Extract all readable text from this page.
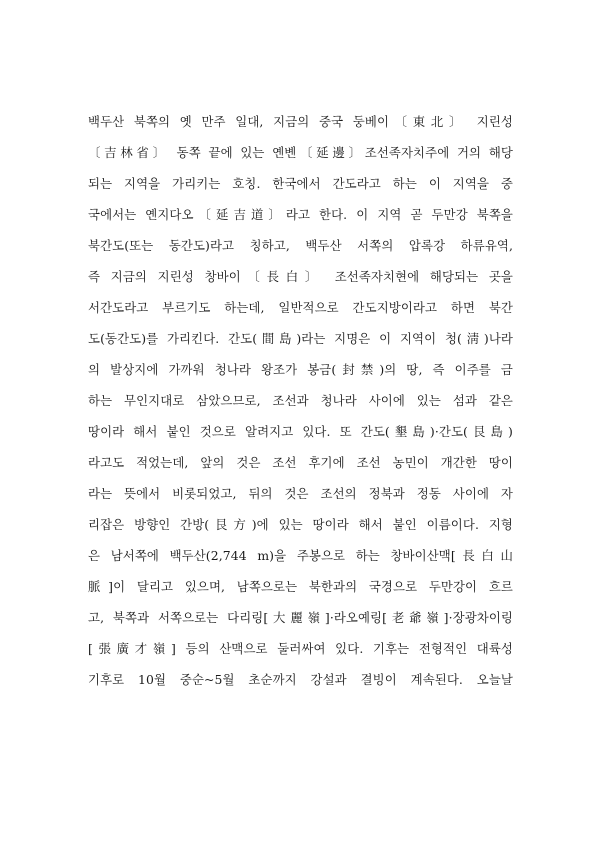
백두산 북쪽의 옛 만주 일대, 지금의 중국 둥베이〔東北〕 지린성
〔吉林省〕 동쪽 끝에 있는 옌볜〔延邊〕조선족자치주에 거의 해당
되는 지역을 가리키는 호칭. 한국에서 간도라고 하는 이 지역을 중
국에서는 옌지다오〔延吉道〕라고 한다. 이 지역 곧 두만강 북쪽을
북간도(또는 동간도)라고 칭하고, 백두산 서쪽의 압록강 하류유역,
즉 지금의 지린성 창바이〔長白〕 조선족자치현에 해당되는 곳을
서간도라고 부르기도 하는데, 일반적으로 간도지방이라고 하면 북간
도(동간도)를 가리킨다. 간도(間島)라는 지명은 이 지역이 청(淸)나라
의 발상지에 가까워 청나라 왕조가 봉금(封禁)의 땅, 즉 이주를 금
하는 무인지대로 삼았으므로, 조선과 청나라 사이에 있는 섬과 같은
땅이라 해서 붙인 것으로 알려지고 있다. 또 간도(墾島)·간도(艮島)
라고도 적었는데, 앞의 것은 조선 후기에 조선 농민이 개간한 땅이
라는 뜻에서 비롯되었고, 뒤의 것은 조선의 정북과 정동 사이에 자
리잡은 방향인 간방(艮方)에 있는 땅이라 해서 붙인 이름이다. 지형
은 남서쪽에 백두산(2,744 m)을 주봉으로 하는 창바이산맥[長白山
脈]이 달리고 있으며, 남쪽으로는 북한과의 국경으로 두만강이 흐르
고, 북쪽과 서쪽으로는 다리링[大麗嶺]·라오예링[老爺嶺]·장광차이링
[張廣才嶺] 등의 산맥으로 둘러싸여 있다. 기후는 전형적인 대륙성
기후로 10월 중순~5월 초순까지 강설과 결빙이 계속된다. 오늘날
